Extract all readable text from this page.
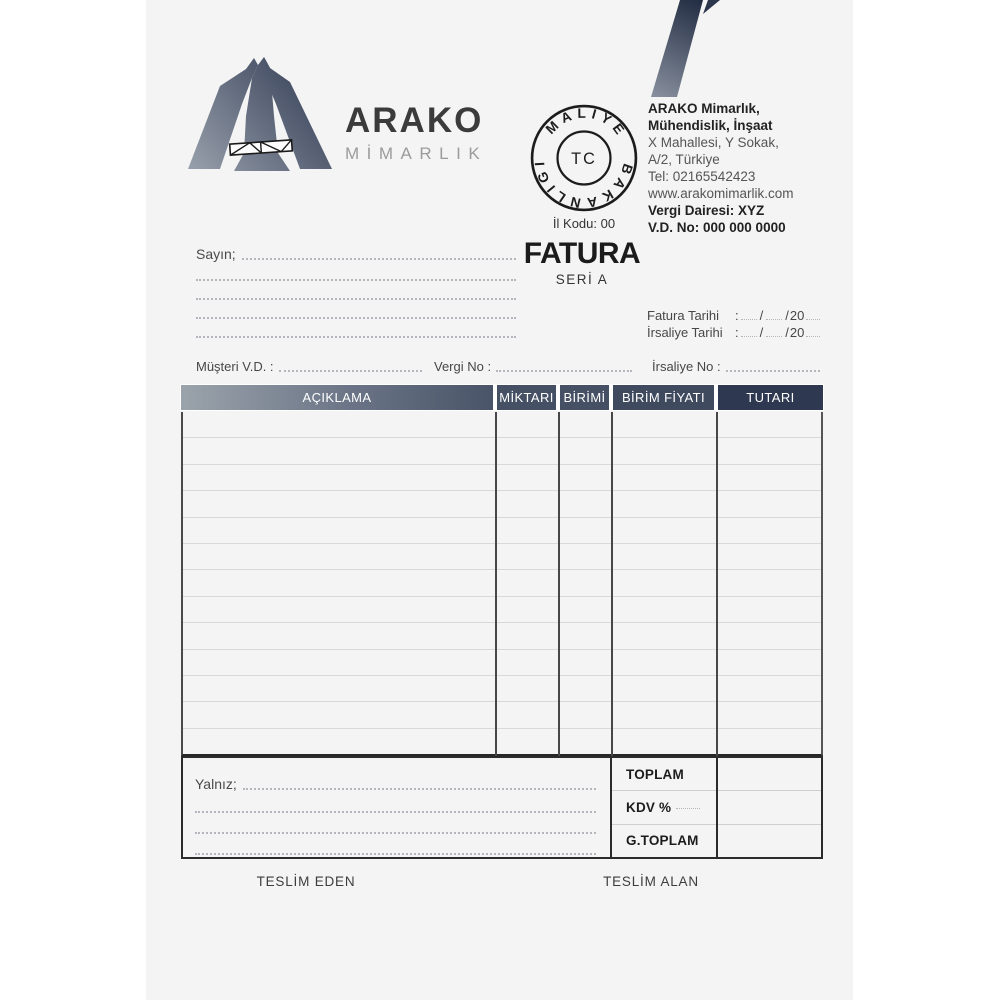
ARAKO
MİMARLIK
MALIYE BAKANLIĞI	TC
İl Kodu: 00
ARAKO Mimarlık,
Mühendislik, İnşaat
X Mahallesi, Y Sokak,
A/2, Türkiye
Tel: 02165542423
www.arakomimarlik.com
Vergi Dairesi: XYZ
V.D. No: 000 000 0000
Sayın;	FATURA
SERİ A
Fatura Tarihi	: / / 20
İrsaliye Tarihi : / / 20
Müşteri V.D. :	Vergi No :	İrsaliye No :
AÇIKLAMA	MİKTARI BİRİMİ	BİRİM FİYATI	TUTARI
Yalnız;
TOPLAM
KDV %
G.TOPLAM
TESLİM EDEN	TESLİM ALAN
